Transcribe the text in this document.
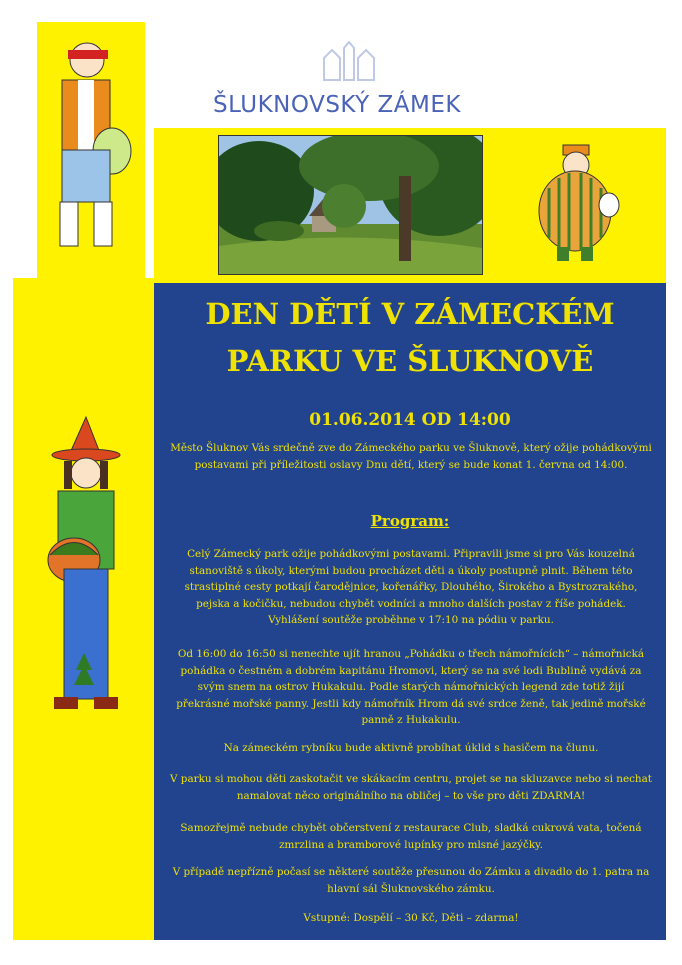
ŠLUKNOVSKÝ ZÁMEK
DEN DĚTÍ V ZÁMECKÉM
PARKU VE ŠLUKNOVĚ
01.06.2014 OD 14:00
Město Šluknov Vás srdečně zve do Zámeckého parku ve Šluknově, který ožije pohádkovými postavami při příležitosti oslavy Dnu dětí, který se bude konat 1. června od 14:00.
Program:
Celý Zámecký park ožije pohádkovými postavami. Připravili jsme si pro Vás kouzelná stanoviště s úkoly, kterými budou procházet děti a úkoly postupně plnit. Během této strastiplné cesty potkají čarodějnice, kořenářky, Dlouhého, Širokého a Bystrozrakého, pejska a kočičku, nebudou chybět vodníci a mnoho dalších postav z říše pohádek. Vyhlášení soutěže proběhne v 17:10 na pódiu v parku.
Od 16:00 do 16:50 si nenechte ujít hranou „Pohádku o třech námořnících“ – námořnická pohádka o čestném a dobrém kapitánu Hromovi, který se na své lodi Bublině vydává za svým snem na ostrov Hukakulu. Podle starých námořnických legend zde totiž žijí překrásné mořské panny. Jestli kdy námořník Hrom dá své srdce ženě, tak jedině mořské panně z Hukakulu.
Na zámeckém rybníku bude aktivně probíhat úklid s hasičem na člunu.
V parku si mohou děti zaskotačit ve skákacím centru, projet se na skluzavce nebo si nechat namalovat něco originálního na obličej – to vše pro děti ZDARMA!
Samozřejmě nebude chybět občerstvení z restaurace Club, sladká cukrová vata, točená zmrzlina a bramborové lupínky pro mlsné jazýčky.
V případě nepřízně počasí se některé soutěže přesunou do Zámku a divadlo do 1. patra na hlavní sál Šluknovského zámku.
Vstupné: Dospělí – 30 Kč, Děti – zdarma!
